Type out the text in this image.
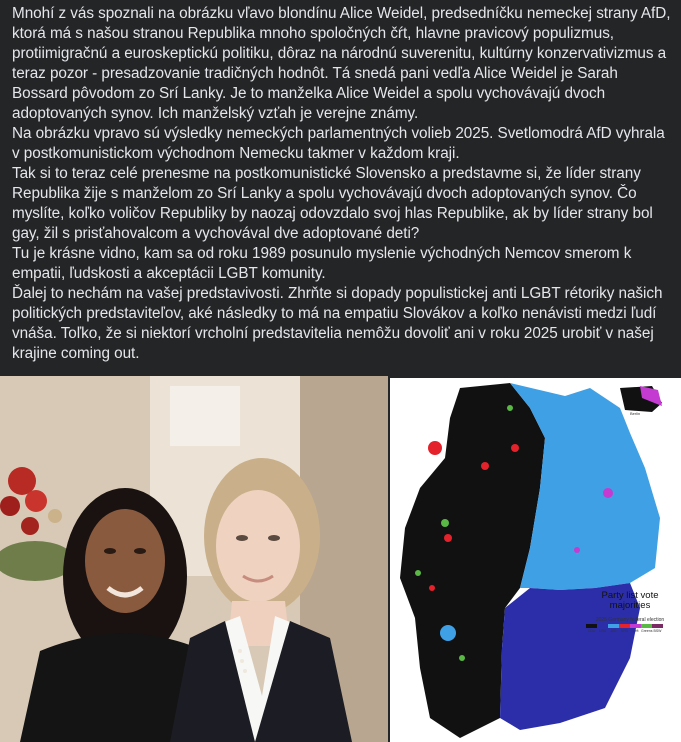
Mnohí z vás spoznali na obrázku vľavo blondínu Alice Weidel, predsedníčku nemeckej strany AfD, ktorá má s našou stranou Republika mnoho spoločných čŕt, hlavne pravicový populizmus, protiimigračnú a euroskeptickú politiku, dôraz na národnú suverenitu, kultúrny konzervativizmus a teraz pozor - presadzovanie tradičných hodnôt. Tá snedá pani vedľa Alice Weidel je Sarah Bossard pôvodom zo Srí Lanky. Je to manželka Alice Weidel a spolu vychovávajú dvoch adoptovaných synov. Ich manželský vzťah je verejne známy.

Na obrázku vpravo sú výsledky nemeckých parlamentných volieb 2025. Svetlomodrá AfD vyhrala v postkomunistickom východnom Nemecku takmer v každom kraji.

Tak si to teraz celé prenesme na postkomunistické Slovensko a predstavme si, že líder strany Republika žije s manželom zo Srí Lanky a spolu vychovávajú dvoch adoptovaných synov. Čo myslíte, koľko voličov Republiky by naozaj odovzdalo svoj hlas Republike, ak by líder strany bol gay, žil s prisťahovalcom a vychovával dve adoptované deti?

Tu je krásne vidno, kam sa od roku 1989 posunulo myslenie východných Nemcov smerom k empatii, ľudskosti a akceptácii LGBT komunity.

Ďalej to nechám na vašej predstavivosti. Zhrňte si dopady populistickej anti LGBT rétoriky našich politických predstaviteľov, aké následky to má na empatiu Slovákov a koľko nenávisti medzi ľudí vnáša. Toľko, že si niektorí vrcholní predstavitelia nemôžu dovoliť ani v roku 2025 urobiť v našej krajine coming out.

Berlin
Party list vote majorities
2025 Germany federal election
CDU	CSU	AfD	SPD	Left Greens BSW
